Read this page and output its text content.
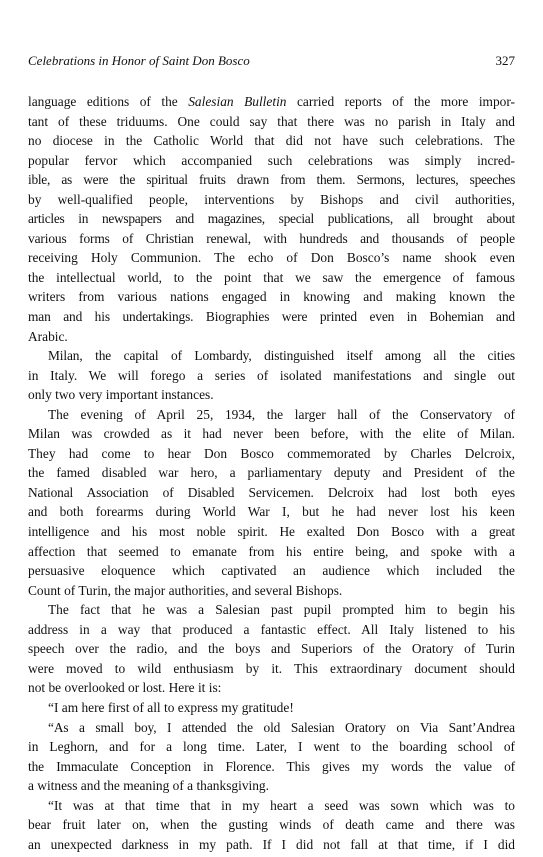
Celebrations in Honor of Saint Don Bosco	327
language editions of the Salesian Bulletin carried reports of the more impor-
tant of these triduums. One could say that there was no parish in Italy and
no diocese in the Catholic World that did not have such celebrations. The
popular fervor which accompanied such celebrations was simply incred-
ible, as were the spiritual fruits drawn from them. Sermons, lectures, speeches
by well-qualified people, interventions by Bishops and civil authorities,
articles in newspapers and magazines, special publications, all brought about
various forms of Christian renewal, with hundreds and thousands of people
receiving Holy Communion. The echo of Don Bosco’s name shook even
the intellectual world, to the point that we saw the emergence of famous
writers from various nations engaged in knowing and making known the
man and his undertakings. Biographies were printed even in Bohemian and
Arabic.
Milan, the capital of Lombardy, distinguished itself among all the cities
in Italy. We will forego a series of isolated manifestations and single out
only two very important instances.
The evening of April 25, 1934, the larger hall of the Conservatory of
Milan was crowded as it had never been before, with the elite of Milan.
They had come to hear Don Bosco commemorated by Charles Delcroix,
the famed disabled war hero, a parliamentary deputy and President of the
National Association of Disabled Servicemen. Delcroix had lost both eyes
and both forearms during World War I, but he had never lost his keen
intelligence and his most noble spirit. He exalted Don Bosco with a great
affection that seemed to emanate from his entire being, and spoke with a
persuasive eloquence which captivated an audience which included the
Count of Turin, the major authorities, and several Bishops.
The fact that he was a Salesian past pupil prompted him to begin his
address in a way that produced a fantastic effect. All Italy listened to his
speech over the radio, and the boys and Superiors of the Oratory of Turin
were moved to wild enthusiasm by it. This extraordinary document should
not be overlooked or lost. Here it is:
“I am here first of all to express my gratitude!
“As a small boy, I attended the old Salesian Oratory on Via Sant’Andrea
in Leghorn, and for a long time. Later, I went to the boarding school of
the Immaculate Conception in Florence. This gives my words the value of
a witness and the meaning of a thanksgiving.
“It was at that time that in my heart a seed was sown which was to
bear fruit later on, when the gusting winds of death came and there was
an unexpected darkness in my path. If I did not fall at that time, if I did
